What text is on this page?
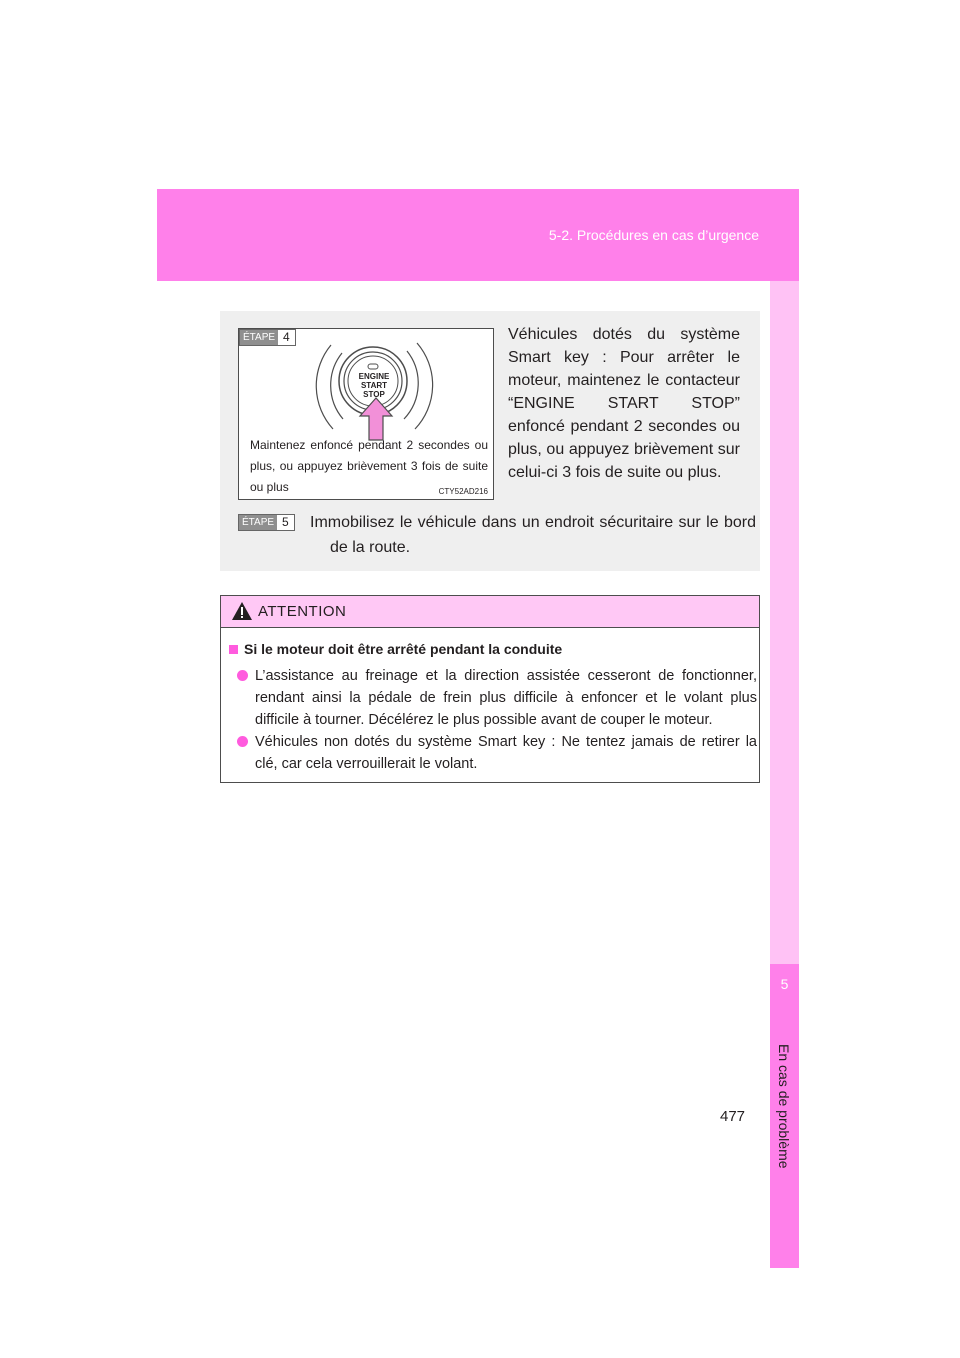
5-2. Procédures en cas d’urgence
5
En cas de problème
ÉTAPE 4
ENGINE
START
STOP
Maintenez enfoncé pendant 2 secondes ou plus, ou appuyez brièvement 3 fois de suite ou plus	CTY52AD216
Véhicules dotés du système Smart key : Pour arrêter le moteur, maintenez le contacteur “ENGINE START STOP” enfoncé pendant 2 secondes ou plus, ou appuyez brièvement sur celui-ci 3 fois de suite ou plus.
ÉTAPE 5	Immobilisez le véhicule dans un endroit sécuritaire sur le bord de la route.
ATTENTION
Si le moteur doit être arrêté pendant la conduite
L’assistance au freinage et la direction assistée cesseront de fonctionner, rendant ainsi la pédale de frein plus difficile à enfoncer et le volant plus difficile à tourner. Décélérez le plus possible avant de couper le moteur.
Véhicules non dotés du système Smart key : Ne tentez jamais de retirer la clé, car cela verrouillerait le volant.
477
